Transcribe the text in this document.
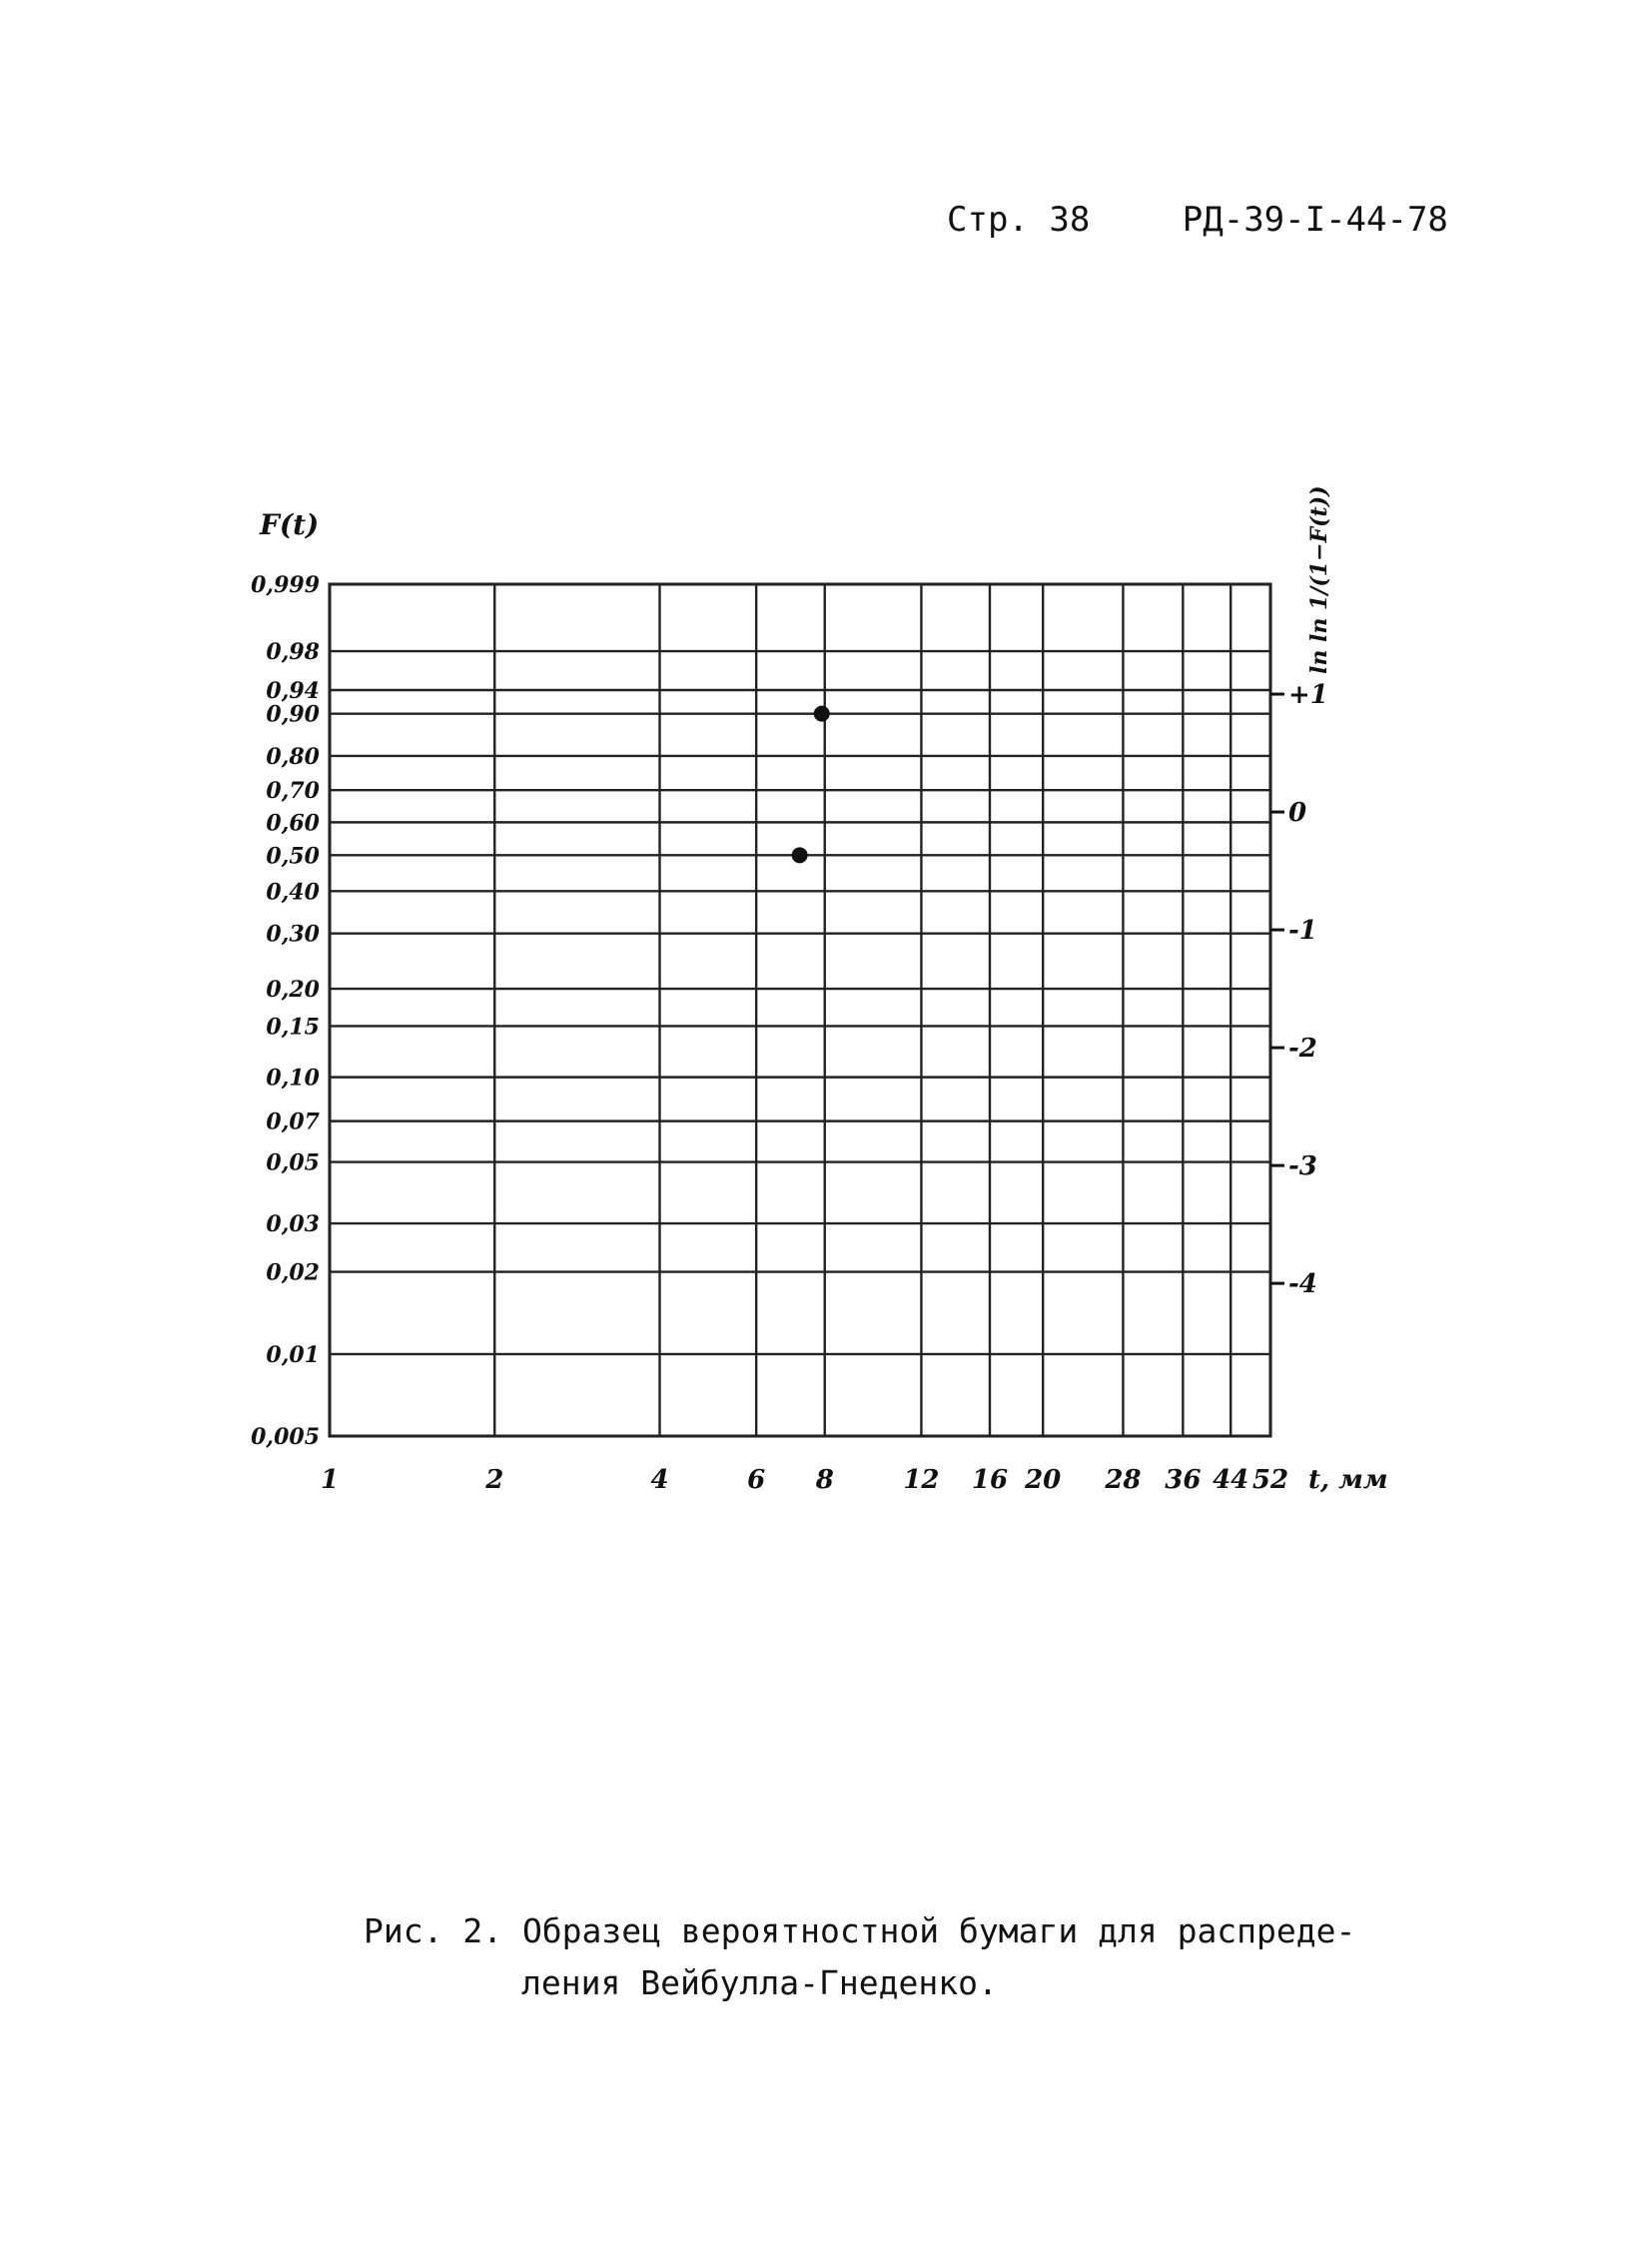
Стр. 38	РД-39-I-44-78
1	2	4	6 8	12 16 20 28 36 44 52
0,999
0,98
0,94
0,90
0,80
0,70
0,60
0,50
0,40
0,30
0,20
0,15
0,10
0,07
0,05
0,03
0,02
0,01
0,005
+1
0
-1
-2
-3
-4
F(t)
t, мм
ln ln 1/(1−F(t))
Рис. 2. Образец вероятностной бумаги для распреде-
ления Вейбулла-Гнеденко.
